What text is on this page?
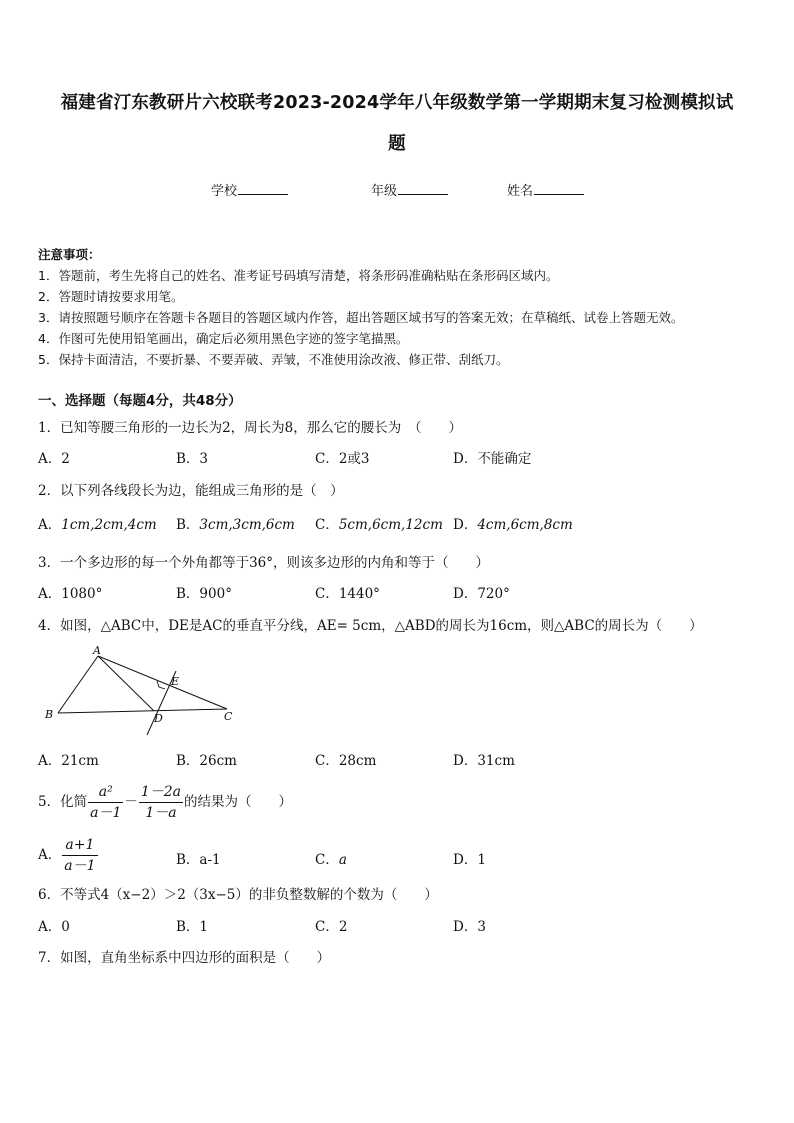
福建省汀东教研片六校联考2023-2024学年八年级数学第一学期期末复习检测模拟试
题
学校	年级	姓名
注意事项：
1．答题前，考生先将自己的姓名、准考证号码填写清楚，将条形码准确粘贴在条形码区域内。
2．答题时请按要求用笔。
3．请按照题号顺序在答题卡各题目的答题区域内作答，超出答题区域书写的答案无效；在草稿纸、试卷上答题无效。
4．作图可先使用铅笔画出，确定后必须用黑色字迹的签字笔描黑。
5．保持卡面清洁，不要折暴、不要弄破、弄皱，不准使用涂改液、修正带、刮纸刀。
一、选择题（每题4分，共48分）
1．已知等腰三角形的一边长为2，周长为8，那么它的腰长为　（　　）
A．2	B．3	C．2或3	D．不能确定
2．以下列各线段长为边，能组成三角形的是（　）
A．1cm,2cm,4cm B．3cm,3cm,6cm C．5cm,6cm,12cm D．4cm,6cm,8cm
3．一个多边形的每一个外角都等于36°，则该多边形的内角和等于（　　）
A．1080°	B．900°	C．1440°	D．720°
4．如图，△ABC中，DE是AC的垂直平分线，AE= 5cm，△ABD的周长为16cm，则△ABC的周长为（　　）
A
B	C
D
E
A．21cm	B．26cm	C．28cm	D．31cm
5．化简 $\frac{\text{a²}}{a-1} - \frac{1-2a}{1-a}$ 的结果为（　　）
A． $\frac{a+1}{a-1}$	B．a-1	C．a	D．1
6．不等式4（x−2）＞2（3x−5）的非负整数解的个数为（　　）
A．0	B．1	C．2	D．3
7．如图，直角坐标系中四边形的面积是（　　）
